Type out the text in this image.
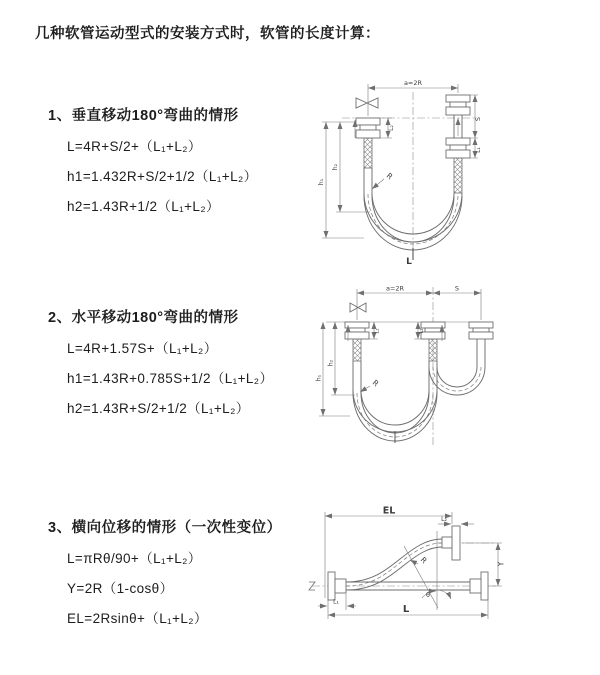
几种软管运动型式的安装方式时，软管的长度计算：
1、垂直移动180°弯曲的情形
L=4R+S/2+（L₁+L₂）
h1=1.432R+S/2+1/2（L₁+L₂）
h2=1.43R+1/2（L₁+L₂）
2、水平移动180°弯曲的情形
L=4R+1.57S+（L₁+L₂）
h1=1.43R+0.785S+1/2（L₁+L₂）
h2=1.43R+S/2+1/2（L₁+L₂）
3、横向位移的情形（一次性变位）
L=πRθ/90+（L₁+L₂）
Y=2R（1-cosθ）
EL=2Rsinθ+（L₁+L₂）
a=2R
S
L₁
L₂
h₂
h₁
R
L
a=2R	S
L₁	L₂
h₂
h₁	R
θ
R
EL
L₂
Y
L₁
L
